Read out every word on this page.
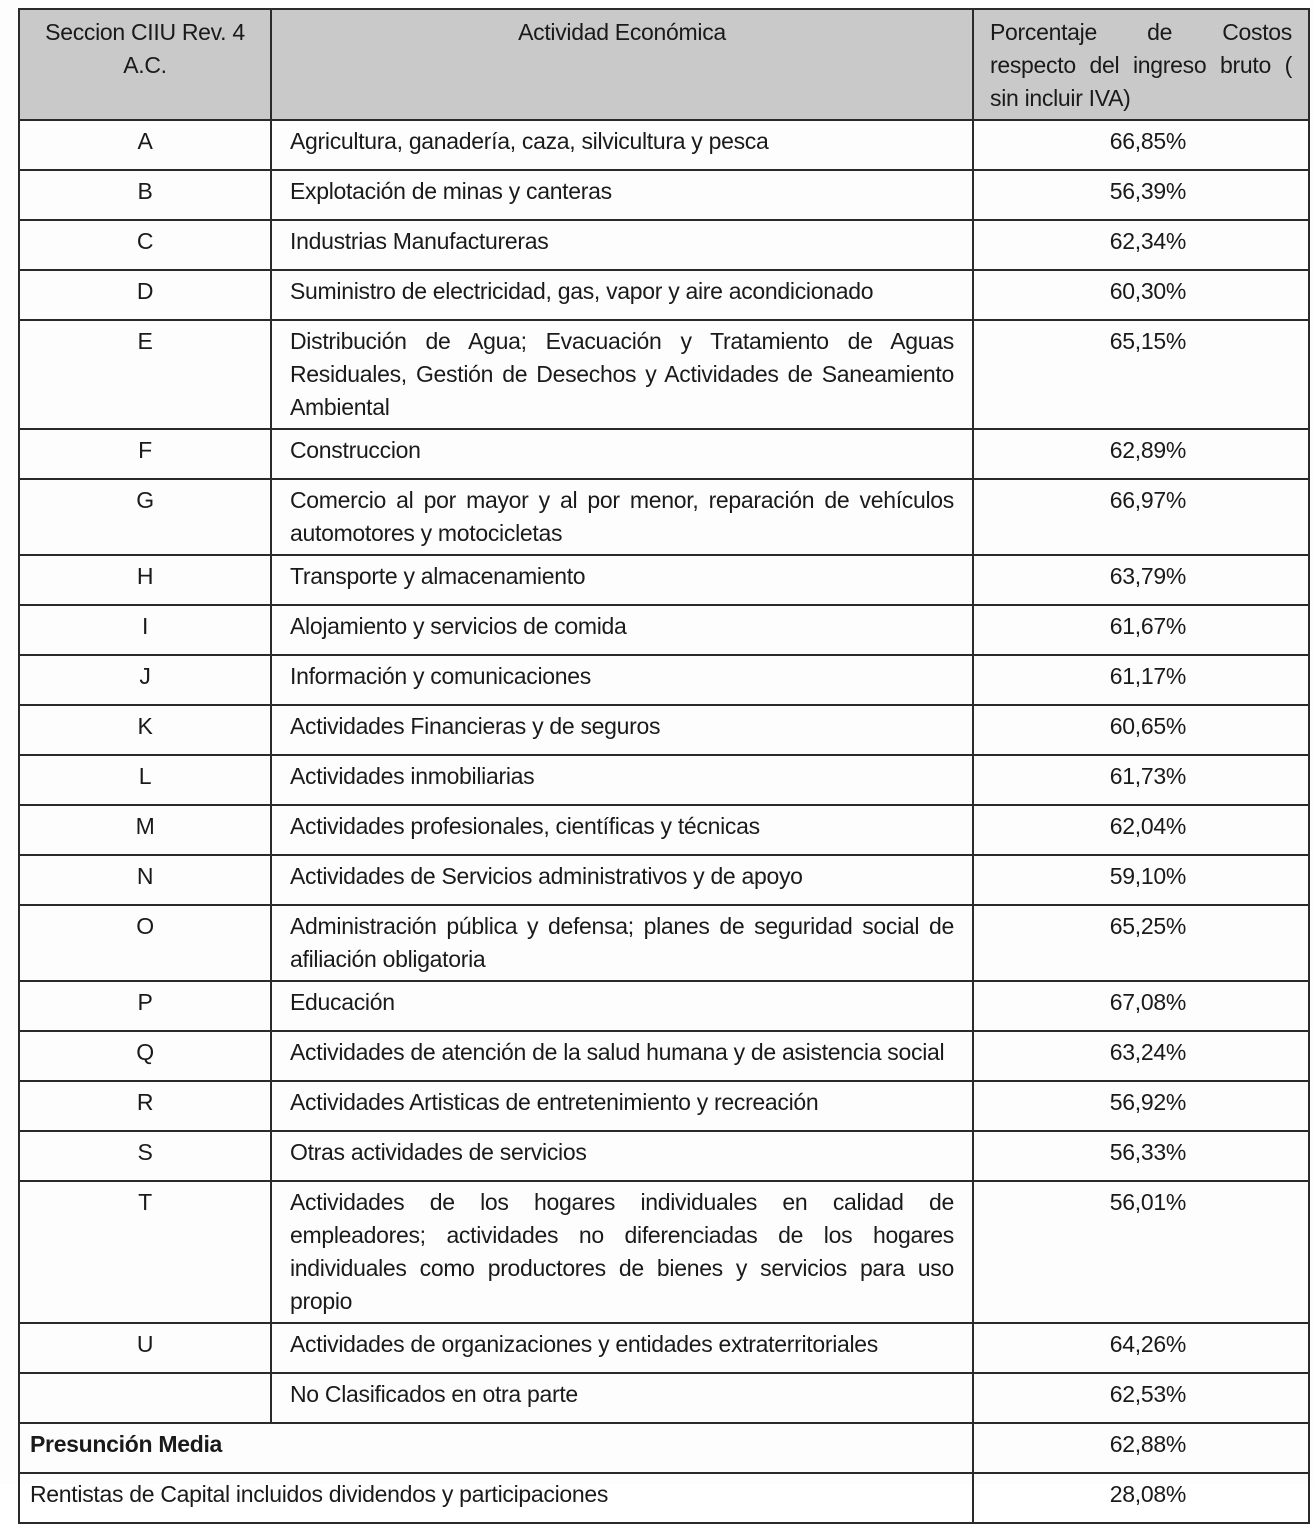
Seccion CIIU Rev. 4 A.C.	Actividad Económica	Porcentaje de Costos respecto del ingreso bruto ( sin incluir IVA)
A	Agricultura, ganadería, caza, silvicultura y pesca	66,85%
B	Explotación de minas y canteras	56,39%
C	Industrias Manufactureras	62,34%
D	Suministro de electricidad, gas, vapor y aire acondicionado	60,30%
E	Distribución de Agua; Evacuación y Tratamiento de Aguas Residuales, Gestión de Desechos y Actividades de Saneamiento Ambiental	65,15%
F	Construccion	62,89%
G	Comercio al por mayor y al por menor, reparación de vehículos automotores y motocicletas	66,97%
H	Transporte y almacenamiento	63,79%
I	Alojamiento y servicios de comida	61,67%
J	Información y comunicaciones	61,17%
K	Actividades Financieras y de seguros	60,65%
L	Actividades inmobiliarias	61,73%
M	Actividades profesionales, científicas y técnicas	62,04%
N	Actividades de Servicios administrativos y de apoyo	59,10%
O	Administración pública y defensa; planes de seguridad social de afiliación obligatoria	65,25%
P	Educación	67,08%
Q	Actividades de atención de la salud humana y de asistencia social	63,24%
R	Actividades Artisticas de entretenimiento y recreación	56,92%
S	Otras actividades de servicios	56,33%
T	Actividades de los hogares individuales en calidad de empleadores; actividades no diferenciadas de los hogares individuales como productores de bienes y servicios para uso propio	56,01%
U	Actividades de organizaciones y entidades extraterritoriales	64,26%
	No Clasificados en otra parte	62,53%
Presunción Media		62,88%
Rentistas de Capital incluidos dividendos y participaciones		28,08%
